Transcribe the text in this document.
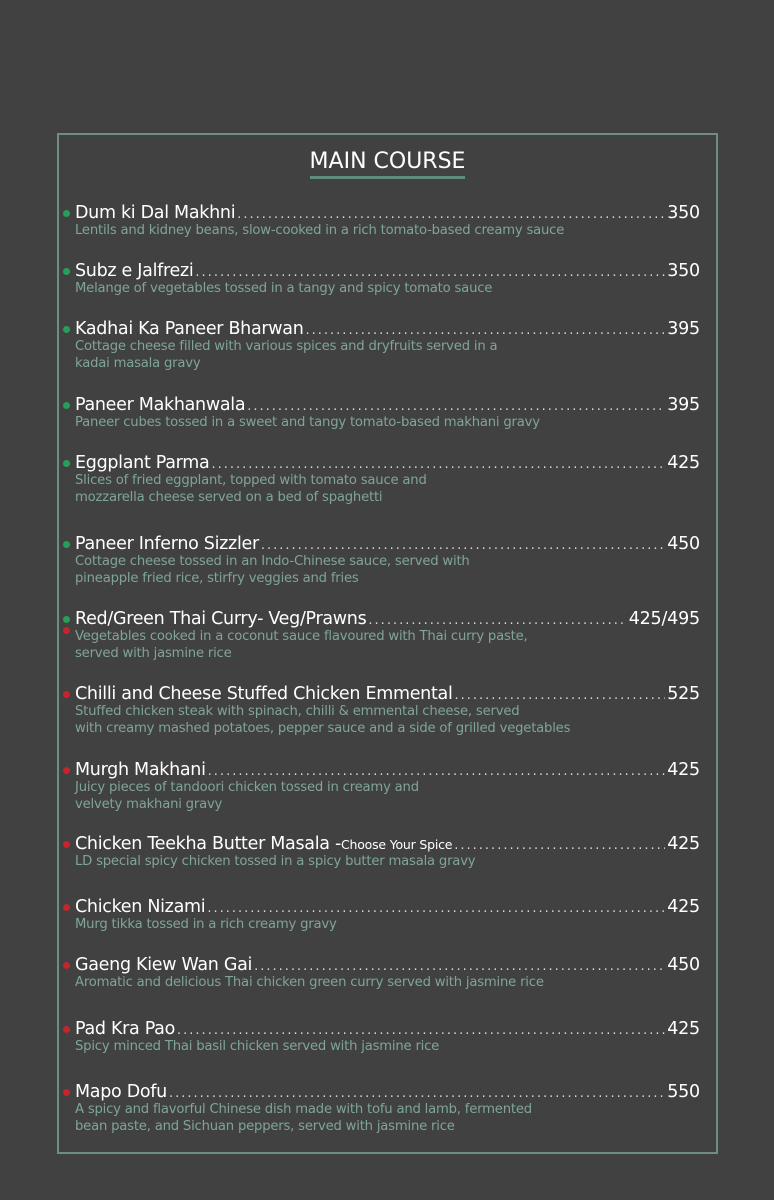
MAIN COURSE
Dum ki Dal Makhni .....	350
Lentils and kidney beans, slow-cooked in a rich tomato-based creamy sauce
Subz e Jalfrezi .....	350
Melange of vegetables tossed in a tangy and spicy tomato sauce
Kadhai Ka Paneer Bharwan .....	395
Cottage cheese filled with various spices and dryfruits served in a
kadai masala gravy
Paneer Makhanwala .....	395
Paneer cubes tossed in a sweet and tangy tomato-based makhani gravy
Eggplant Parma .....	425
Slices of fried eggplant, topped with tomato sauce and
mozzarella cheese served on a bed of spaghetti
Paneer Inferno Sizzler .....	450
Cottage cheese tossed in an Indo-Chinese sauce, served with
pineapple fried rice, stirfry veggies and fries
Red/Green Thai Curry- Veg/Prawns .....	425/495
Vegetables cooked in a coconut sauce flavoured with Thai curry paste,
served with jasmine rice
Chilli and Cheese Stuffed Chicken Emmental .....	525
Stuffed chicken steak with spinach, chilli & emmental cheese, served
with creamy mashed potatoes, pepper sauce and a side of grilled vegetables
Murgh Makhani .....	425
Juicy pieces of tandoori chicken tossed in creamy and
velvety makhani gravy
Chicken Teekha Butter Masala - Choose Your Spice .....	425
LD special spicy chicken tossed in a spicy butter masala gravy
Chicken Nizami .....	425
Murg tikka tossed in a rich creamy gravy
Gaeng Kiew Wan Gai .....	450
Aromatic and delicious Thai chicken green curry served with jasmine rice
Pad Kra Pao .....	425
Spicy minced Thai basil chicken served with jasmine rice
Mapo Dofu .....	550
A spicy and flavorful Chinese dish made with tofu and lamb, fermented
bean paste, and Sichuan peppers, served with jasmine rice
